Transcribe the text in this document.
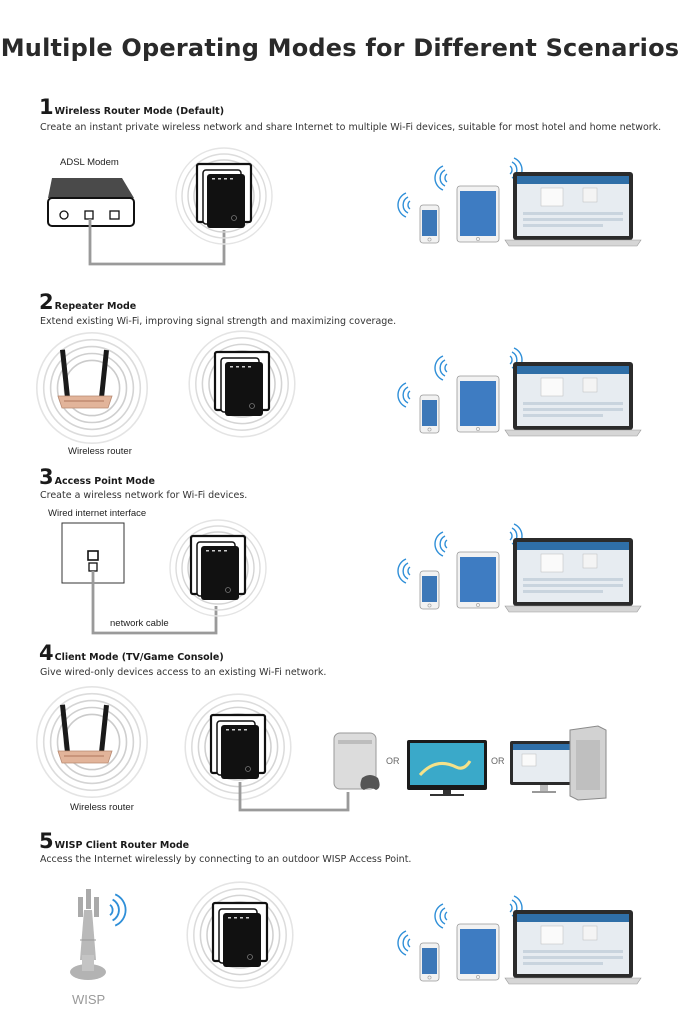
Multiple Operating Modes for Different Scenarios
1 Wireless Router Mode (Default)
Create an instant private wireless network and share Internet to multiple Wi-Fi devices, suitable for most hotel and home network.
2 Repeater Mode
Extend existing Wi-Fi, improving signal strength and maximizing coverage.
3 Access Point Mode
Create a wireless network for Wi-Fi devices.
4 Client Mode (TV/Game Console)
Give wired-only devices access to an existing Wi-Fi network.
5 WISP Client Router Mode
Access the Internet wirelessly by connecting to an outdoor WISP Access Point.
ADSL Modem
Wireless router
Wired internet interface
network cable
Wireless router
OR	OR
WISP
